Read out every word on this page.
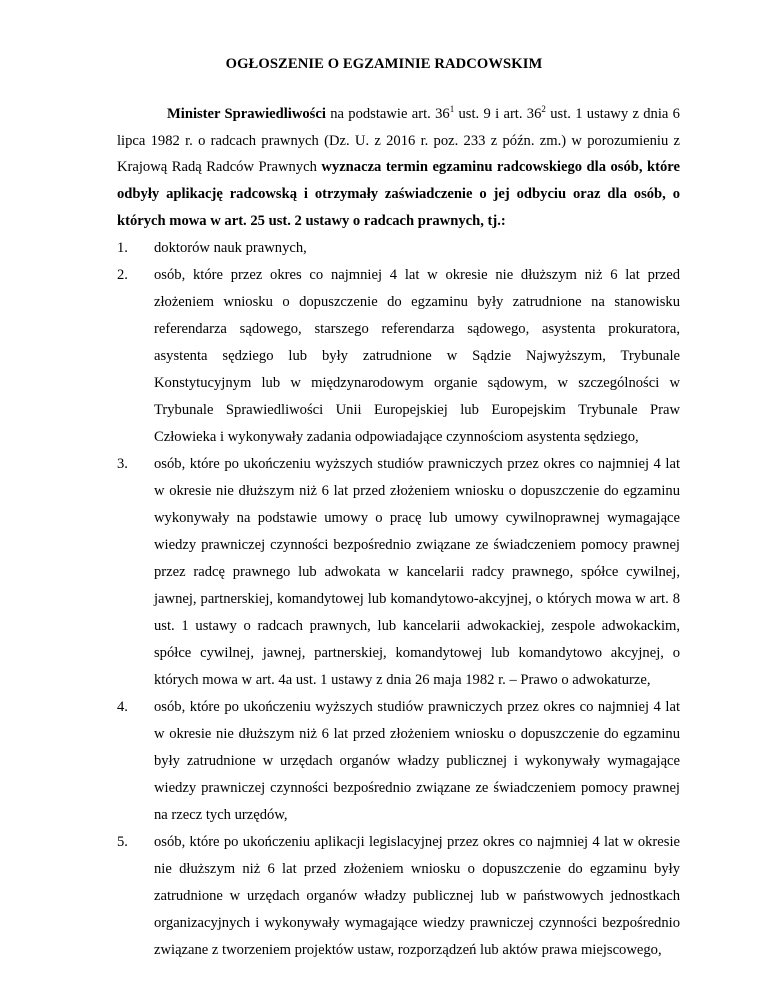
OGŁOSZENIE O EGZAMINIE RADCOWSKIM

Minister Sprawiedliwości na podstawie art. $36^1$ ust. 9 i art. $36^2$ ust. 1 ustawy z dnia 6 lipca 1982 r. o radcach prawnych (Dz. U. z 2016 r. poz. 233 z późn. zm.) w porozumieniu z Krajową Radą Radców Prawnych wyznacza termin egzaminu radcowskiego dla osób, które odbyły aplikację radcowską i otrzymały zaświadczenie o jej odbyciu oraz dla osób, o których mowa w art. 25 ust. 2 ustawy o radcach prawnych, tj.:

1. doktorów nauk prawnych,
2. osób, które przez okres co najmniej 4 lat w okresie nie dłuższym niż 6 lat przed złożeniem wniosku o dopuszczenie do egzaminu były zatrudnione na stanowisku referendarza sądowego, starszego referendarza sądowego, asystenta prokuratora, asystenta sędziego lub były zatrudnione w Sądzie Najwyższym, Trybunale Konstytucyjnym lub w międzynarodowym organie sądowym, w szczególności w Trybunale Sprawiedliwości Unii Europejskiej lub Europejskim Trybunale Praw Człowieka i wykonywały zadania odpowiadające czynnościom asystenta sędziego,
3. osób, które po ukończeniu wyższych studiów prawniczych przez okres co najmniej 4 lat w okresie nie dłuższym niż 6 lat przed złożeniem wniosku o dopuszczenie do egzaminu wykonywały na podstawie umowy o pracę lub umowy cywilnoprawnej wymagające wiedzy prawniczej czynności bezpośrednio związane ze świadczeniem pomocy prawnej przez radcę prawnego lub adwokata w kancelarii radcy prawnego, spółce cywilnej, jawnej, partnerskiej, komandytowej lub komandytowo-akcyjnej, o których mowa w art. 8 ust. 1 ustawy o radcach prawnych, lub kancelarii adwokackiej, zespole adwokackim, spółce cywilnej, jawnej, partnerskiej, komandytowej lub komandytowo akcyjnej, o których mowa w art. 4a ust. 1 ustawy z dnia 26 maja 1982 r. – Prawo o adwokaturze,
4. osób, które po ukończeniu wyższych studiów prawniczych przez okres co najmniej 4 lat w okresie nie dłuższym niż 6 lat przed złożeniem wniosku o dopuszczenie do egzaminu były zatrudnione w urzędach organów władzy publicznej i wykonywały wymagające wiedzy prawniczej czynności bezpośrednio związane ze świadczeniem pomocy prawnej na rzecz tych urzędów,
5. osób, które po ukończeniu aplikacji legislacyjnej przez okres co najmniej 4 lat w okresie nie dłuższym niż 6 lat przed złożeniem wniosku o dopuszczenie do egzaminu były zatrudnione w urzędach organów władzy publicznej lub w państwowych jednostkach organizacyjnych i wykonywały wymagające wiedzy prawniczej czynności bezpośrednio związane z tworzeniem projektów ustaw, rozporządzeń lub aktów prawa miejscowego,
